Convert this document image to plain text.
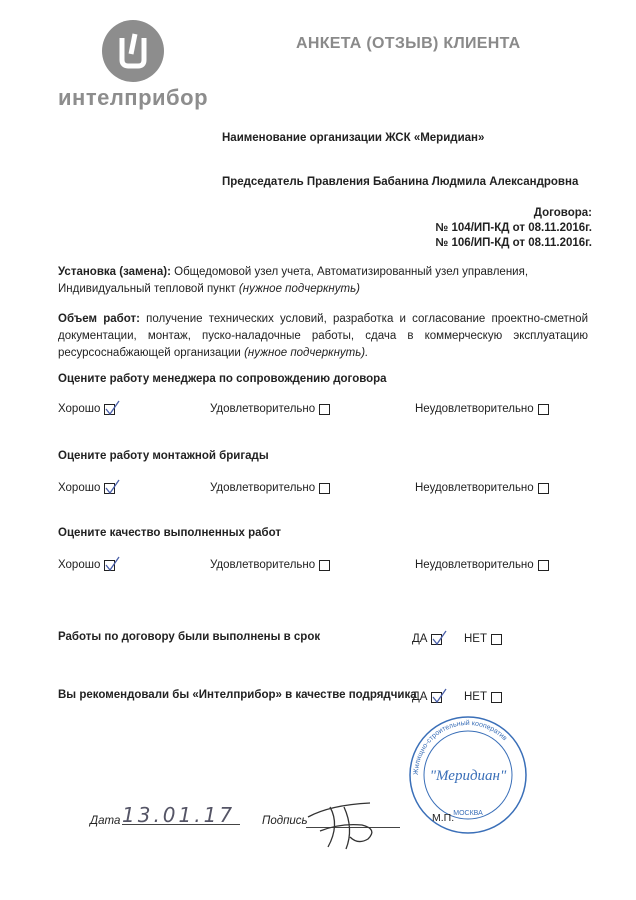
интелприбор
АНКЕТА (ОТЗЫВ) КЛИЕНТА
Наименование организации ЖСК «Меридиан»
Председатель Правления Бабанина Людмила Александровна
Договора:
№ 104/ИП-КД от 08.11.2016г.
№ 106/ИП-КД от 08.11.2016г.
Установка (замена): Общедомовой узел учета, Автоматизированный узел управления, Индивидуальный тепловой пункт (нужное подчеркнуть)
Объем работ: получение технических условий, разработка и согласование проектно-сметной документации, монтаж, пуско-наладочные работы, сдача в коммерческую эксплуатацию ресурсоснабжающей организации (нужное подчеркнуть).
Оцените работу менеджера по сопровождению договора
Хорошо	Удовлетворительно	Неудовлетворительно
Оцените работу монтажной бригады
Хорошо	Удовлетворительно	Неудовлетворительно
Оцените качество выполненных работ
Хорошо	Удовлетворительно	Неудовлетворительно
Работы по договору были выполнены в срок	ДА	НЕТ
Вы рекомендовали бы «Интелприбор» в качестве подрядчика
ДА	НЕТ
Жилищно-строительный кооператив
"Меридиан"
МОСКВА
Дата 13.01.17	Подпись	М.П.
